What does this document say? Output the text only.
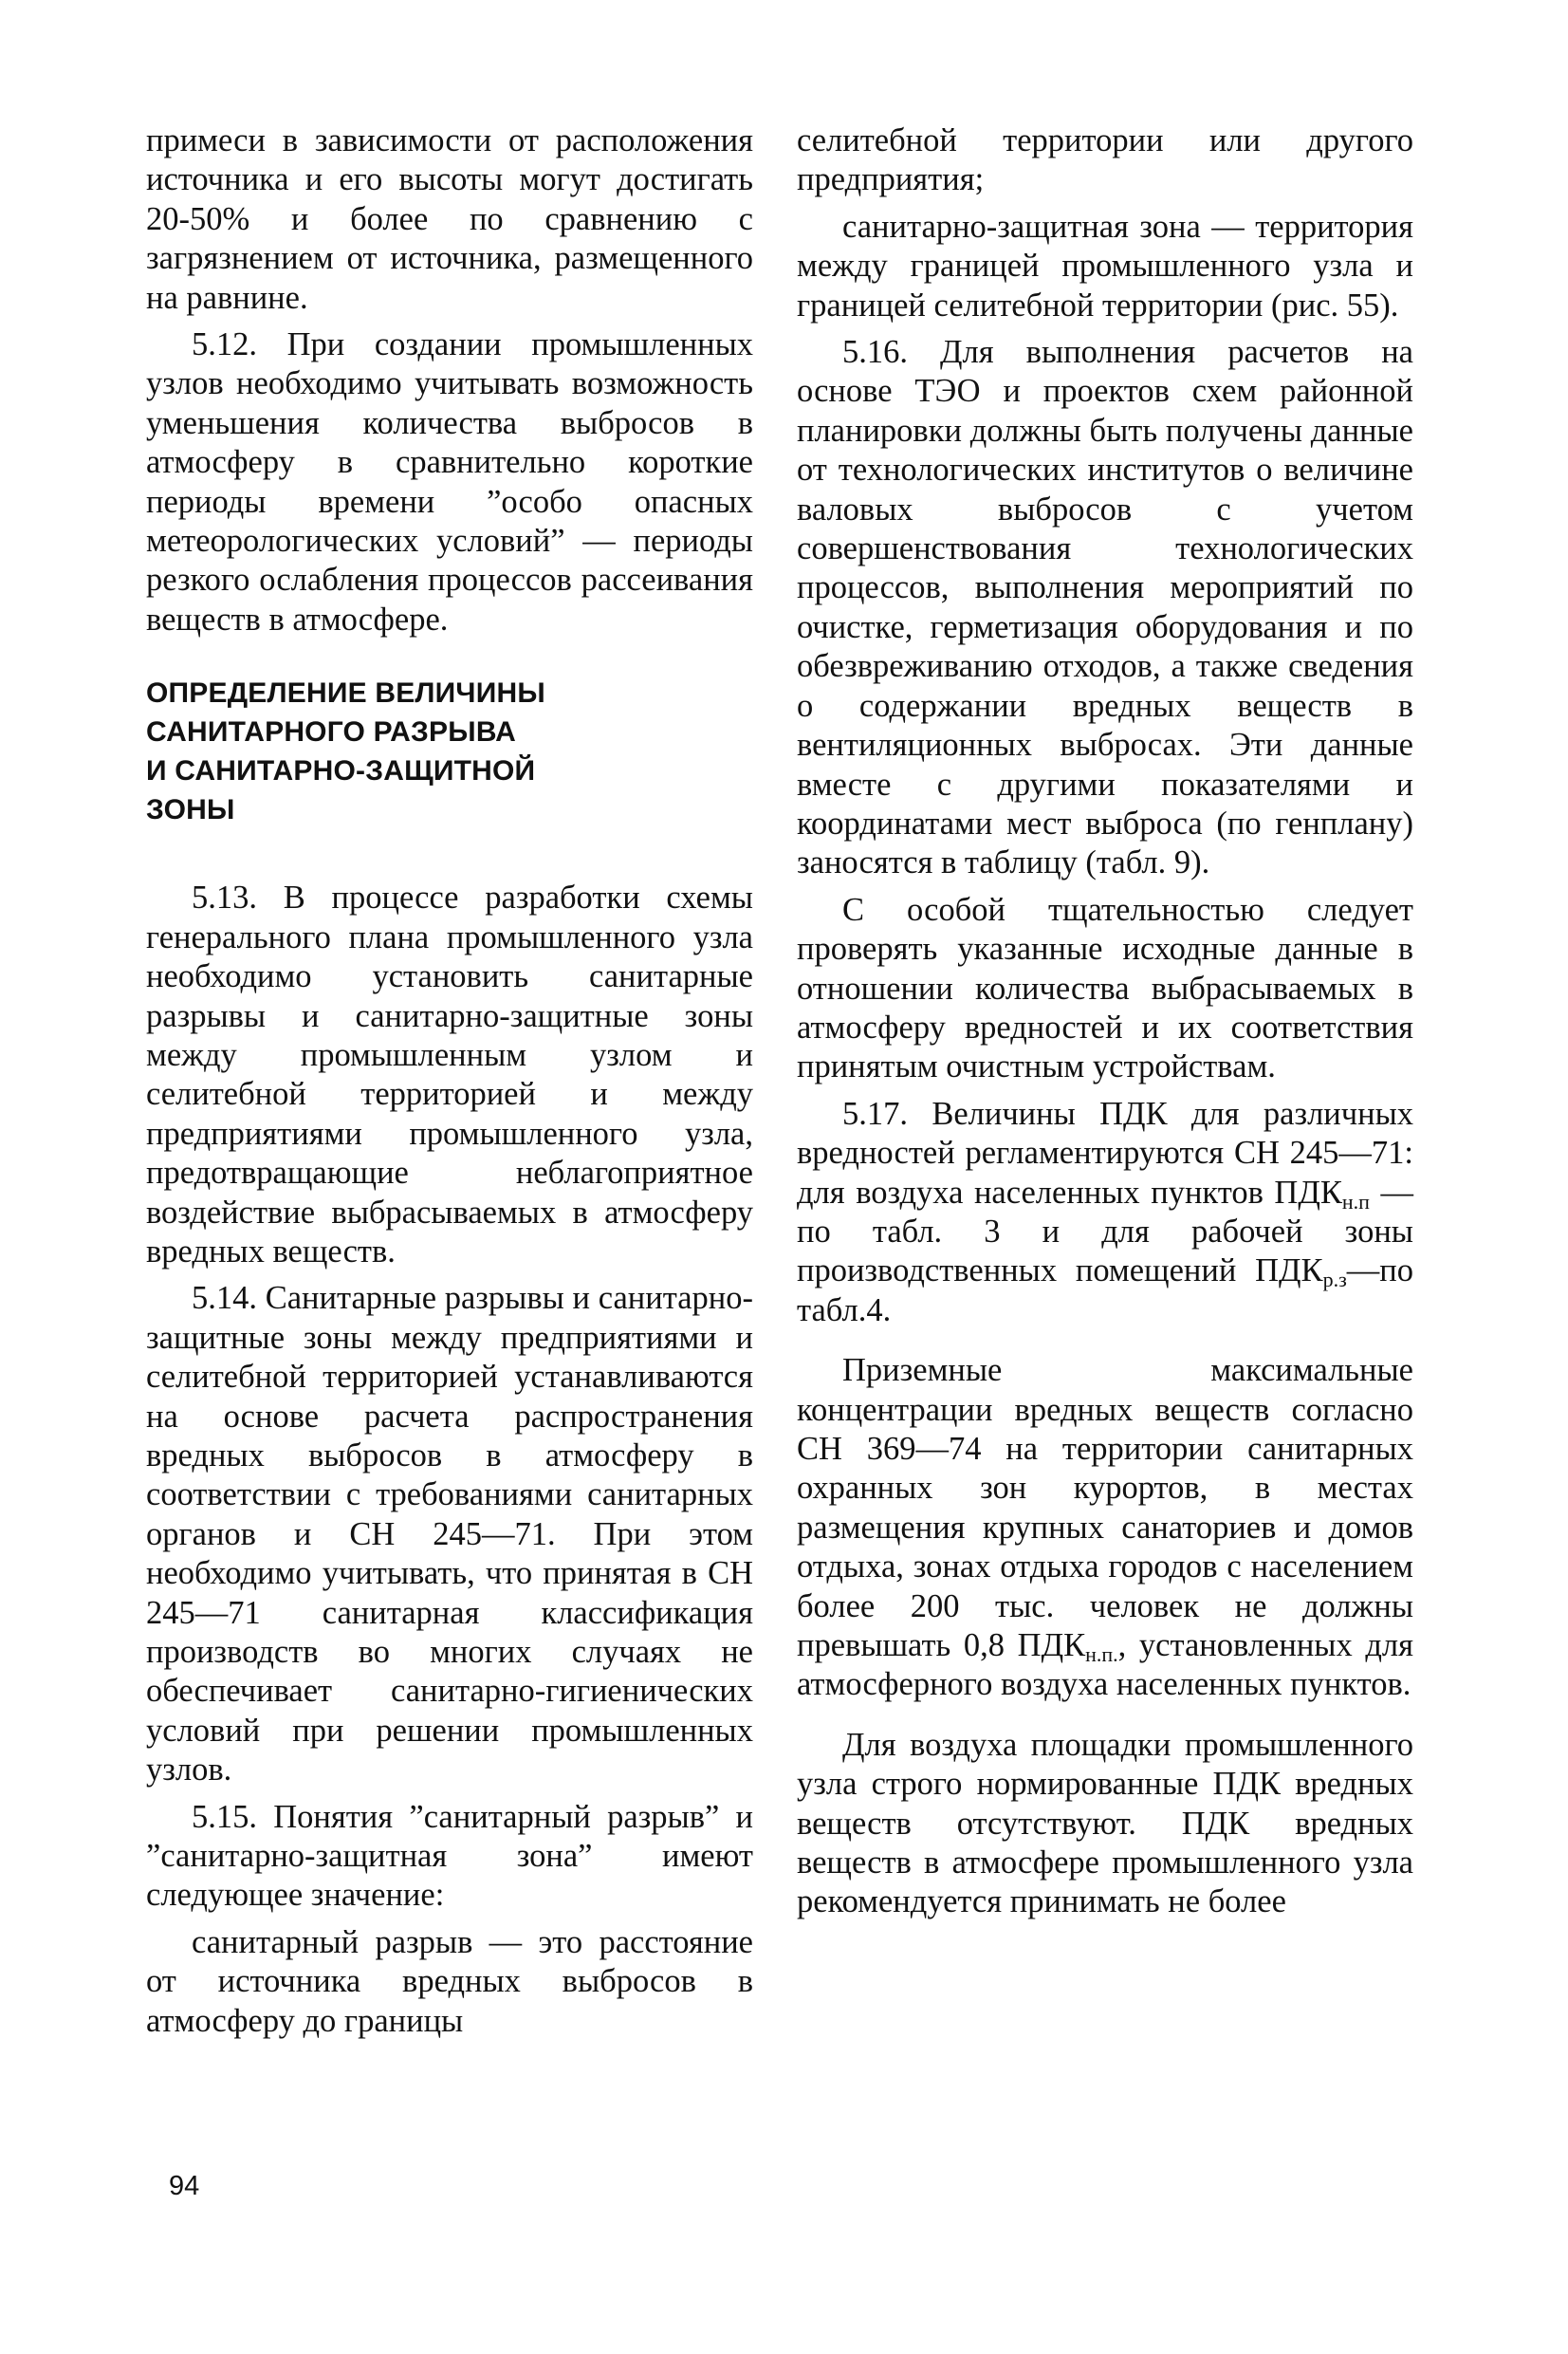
примеси в зависимости от расположения источника и его высоты могут достигать 20-50% и более по сравнению с загрязнением от источника, размещенного на равнине.

5.12. При создании промышленных узлов необходимо учитывать возможность уменьшения количества выбросов в атмосферу в сравнительно короткие периоды времени ”особо опасных метеорологических условий” — периоды резкого ослабления процессов рассеивания веществ в атмосфере.

ОПРЕДЕЛЕНИЕ ВЕЛИЧИНЫ
САНИТАРНОГО РАЗРЫВА
И САНИТАРНО-ЗАЩИТНОЙ
ЗОНЫ

5.13. В процессе разработки схемы генерального плана промышленного узла необходимо установить санитарные разрывы и санитарно-защитные зоны между промышленным узлом и селитебной территорией и между предприятиями промышленного узла, предотвращающие неблагоприятное воздействие выбрасываемых в атмосферу вредных веществ.

5.14. Санитарные разрывы и санитарно-защитные зоны между предприятиями и селитебной территорией устанавливаются на основе расчета распространения вредных выбросов в атмосферу в соответствии с требованиями санитарных органов и СН 245—71. При этом необходимо учитывать, что принятая в СН 245—71 санитарная классификация производств во многих случаях не обеспечивает санитарно-гигиенических условий при решении промышленных узлов.

5.15. Понятия ”санитарный разрыв” и ”санитарно-защитная зона” имеют следующее значение:

санитарный разрыв — это расстояние от источника вредных выбросов в атмосферу до границы

селитебной территории или другого предприятия;

санитарно-защитная зона — территория между границей промышленного узла и границей селитебной территории (рис. 55).

5.16. Для выполнения расчетов на основе ТЭО и проектов схем районной планировки должны быть получены данные от технологических институтов о величине валовых выбросов с учетом совершенствования технологических процессов, выполнения мероприятий по очистке, герметизация оборудования и по обезвреживанию отходов, а также сведения о содержании вредных веществ в вентиляционных выбросах. Эти данные вместе с другими показателями и координатами мест выброса (по генплану) заносятся в таблицу (табл. 9).

С особой тщательностью следует проверять указанные исходные данные в отношении количества выбрасываемых в атмосферу вредностей и их соответствия принятым очистным устройствам.

5.17. Величины ПДК для различных вредностей регламентируются СН 245—71: для воздуха населенных пунктов $ПДК_{н.п}$ — по табл. 3 и для рабочей зоны производственных помещений $ПДК_{р.з}—по$ табл.4.

Приземные максимальные концентрации вредных веществ согласно СН 369—74 на территории санитарных охранных зон курортов, в местах размещения крупных санаториев и домов отдыха, зонах отдыха городов с населением более 200 тыс. человек не должны превышать 0,8 $ПДК_{н.п.}$, установленных для атмосферного воздуха населенных пунктов.

Для воздуха площадки промышленного узла строго нормированные ПДК вредных веществ отсутствуют. ПДК вредных веществ в атмосфере промышленного узла рекомендуется принимать не более

94
